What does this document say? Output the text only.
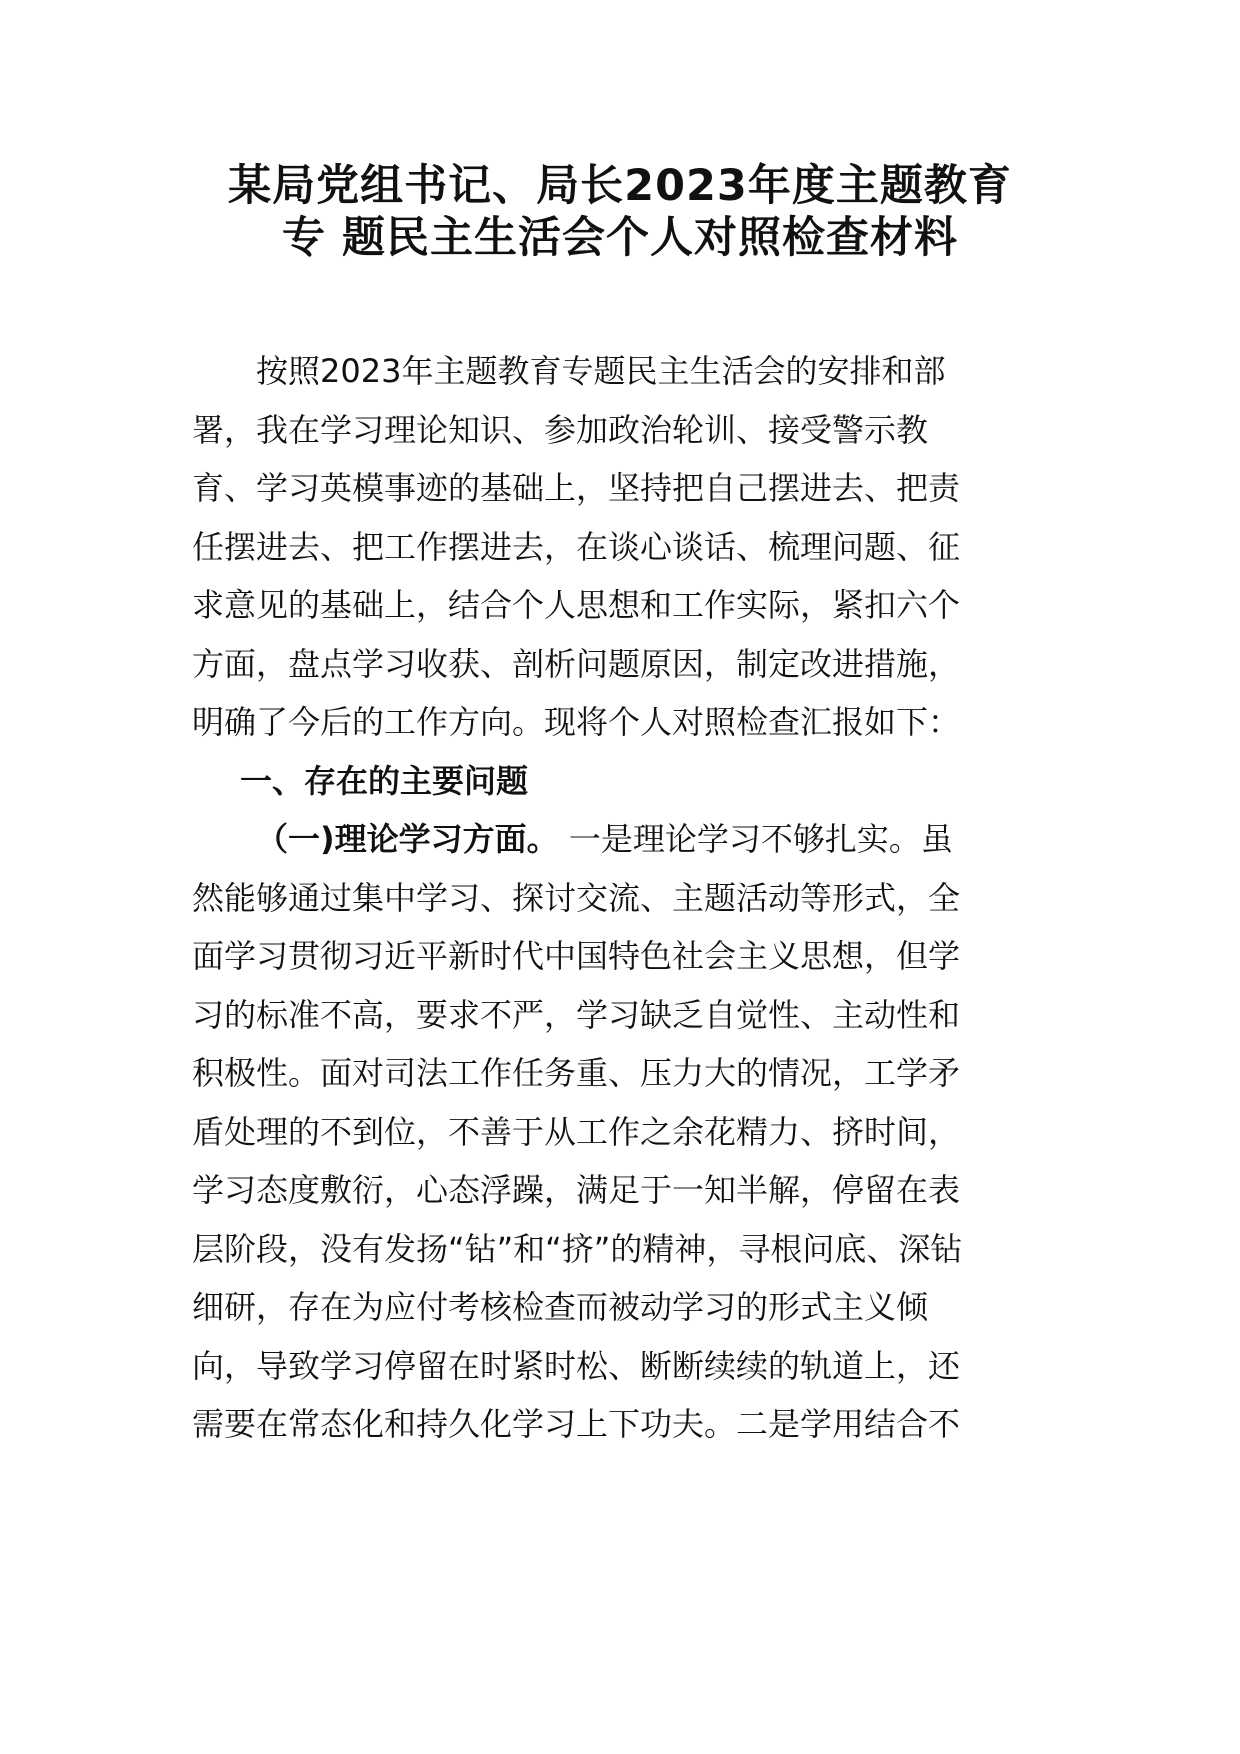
某局党组书记、局长2023年度主题教育
专 题民主生活会个人对照检查材料
按照2023年主题教育专题民主生活会的安排和部
署，我在学习理论知识、参加政治轮训、接受警示教
育、学习英模事迹的基础上，坚持把自己摆进去、把责
任摆进去、把工作摆进去，在谈心谈话、梳理问题、征
求意见的基础上，结合个人思想和工作实际，紧扣六个
方面，盘点学习收获、剖析问题原因，制定改进措施，
明确了今后的工作方向。现将个人对照检查汇报如下：
一、存在的主要问题
（一)理论学习方面。 一是理论学习不够扎实。虽
然能够通过集中学习、探讨交流、主题活动等形式，全
面学习贯彻习近平新时代中国特色社会主义思想，但学
习的标准不高，要求不严，学习缺乏自觉性、主动性和
积极性。面对司法工作任务重、压力大的情况，工学矛
盾处理的不到位，不善于从工作之余花精力、挤时间，
学习态度敷衍，心态浮躁，满足于一知半解，停留在表
层阶段，没有发扬“钻”和“挤”的精神，寻根问底、深钻
细研，存在为应付考核检查而被动学习的形式主义倾
向，导致学习停留在时紧时松、断断续续的轨道上，还
需要在常态化和持久化学习上下功夫。二是学用结合不
